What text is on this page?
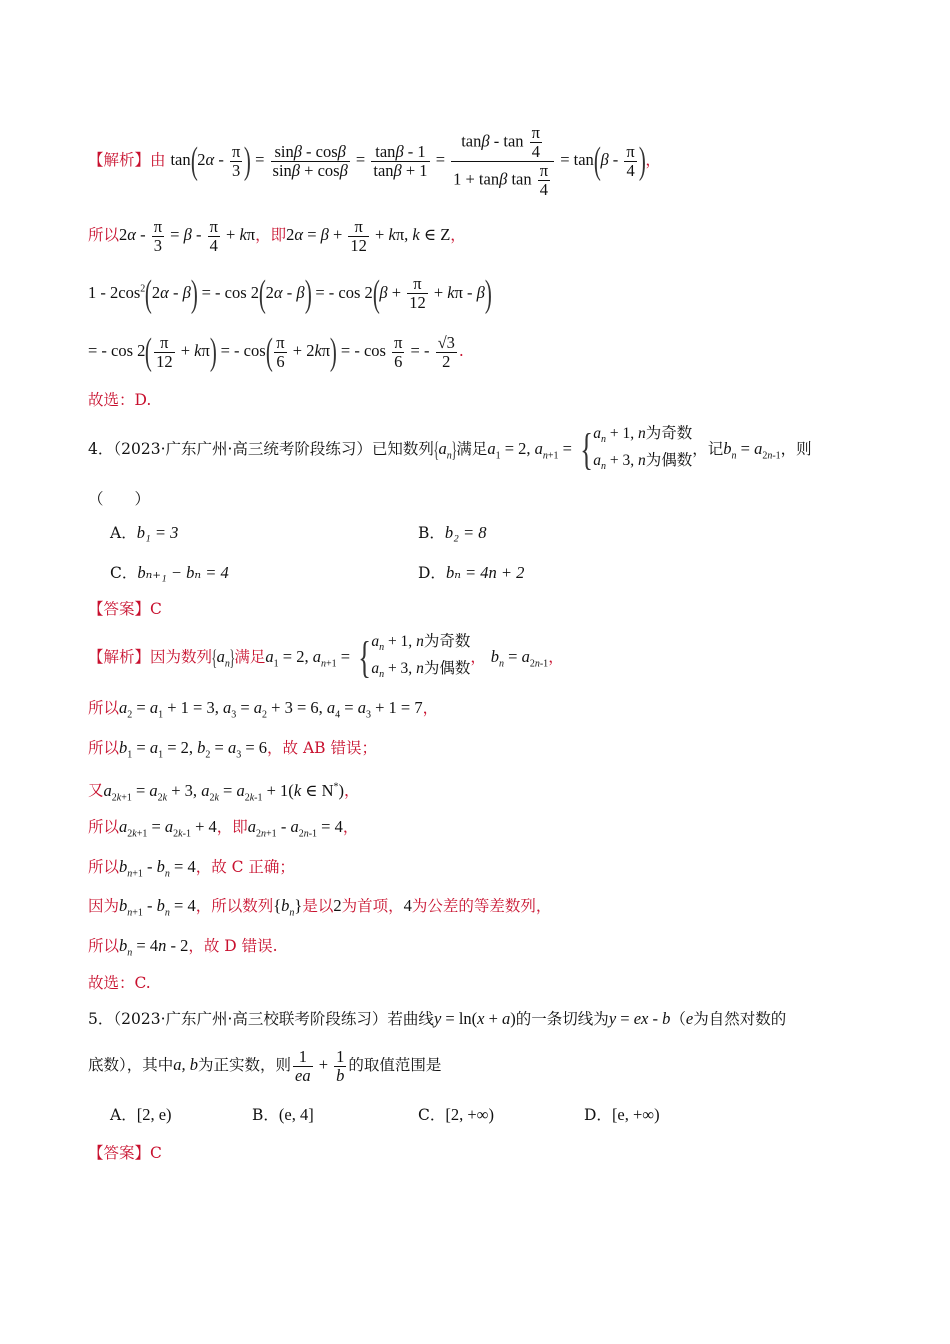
【解析】由 $\tan(2\alpha - \frac{\pi}{3}$ ) = $\frac{\sin\beta - \cos\beta}{\sin\beta + \cos\beta} = \frac{\tan\beta - 1}{\tan\beta + 1} = \frac{\tan\beta - \tan \frac{\pi}{4}}{1 + \tan\beta \tan \frac{\pi}{4}} = \tan(\beta - \frac{\pi}{4}$ )，
所以$2\alpha - \frac{\pi}{3} = \beta - \frac{\pi}{4} + k\pi$，即$2\alpha = \beta + \frac{\pi}{12} + k\pi$, k ∈ Z，
$1 - 2\cos^2(2\alpha - \beta)$ = - cos 2(2α - β) = - $\cos 2(\beta + \frac{\pi}{12} + k\pi - \beta)$
= - $\cos 2( \frac{\pi}{12} + k\pi)$ = - $\cos( \frac{\pi}{6} + 2k\pi)$ = - $\cos \frac{\pi}{6}$ = - $\frac{√3}{2}$ .
故选：D.
4．（2023·广东广州·高三统考阶段练习）已知数列$\{a_n\}$满足$a_1 = 2$, $a_{n+1}$ = { $a_n + 1$, n为奇数
$a_n + 3$, n为偶数
，记$b_n = a_{2n-1}$，则
（　　）
A．b₁ = 3	B．b₂ = 8
C．bₙ₊₁ − bₙ = 4	D．bₙ = 4n + 2
【答案】C
【解析】因为数列$\{a_n\}$满足$a_1 = 2$, $a_{n+1}$ = { $a_n + 1$, n为奇数
$a_n + 3$, n为偶数
， $b_n = a_{2n-1}$，
所以$a_2 = a_1 + 1 = 3$, $a_3 = a_2 + 3 = 6$, $a_4 = a_3 + 1 = 7$，
所以$b_1 = a_1 = 2$, $b_2 = a_3 = 6$，故 AB 错误；
又$a_{2k+1} = a_{2k} + 3$, $a_{2k} = a_{2k-1} + 1(k$ ∈ N*)，
所以$a_{2k+1} = a_{2k-1} + 4$，即$a_{2n+1} - a_{2n-1} = 4$，
所以$b_{n+1} - b_n = 4$，故 C 正确；
因为$b_{n+1} - b_n = 4$，所以数列$\{b_n\}$是以2为首项，4为公差的等差数列，
所以$b_n = 4n - 2$，故 D 错误.
故选：C.
5．（2023·广东广州·高三校联考阶段练习）若曲线y = ln(x + a)的一条切线为y = ex - b（e为自然对数的
底数），其中a, b为正实数，则 $\frac{1}{ea} + \frac{1}{b}$ 的取值范围是
A．[2, e)	B．(e, 4]	C．[2, +∞)	D．[e, +∞)
【答案】C
